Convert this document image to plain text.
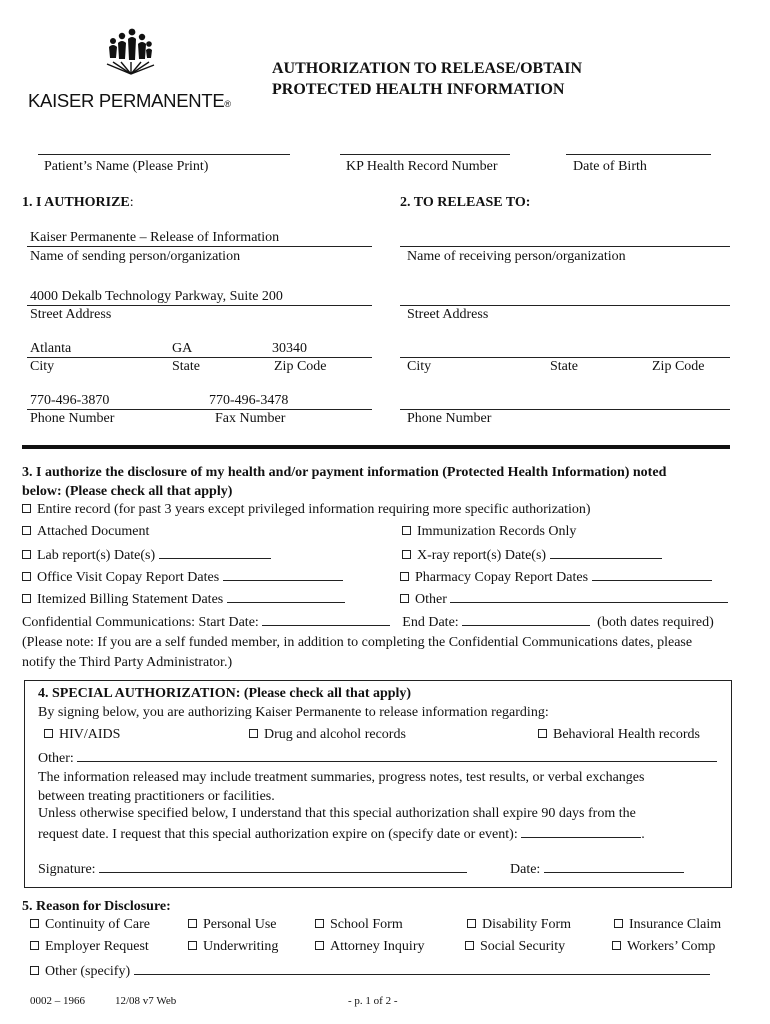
KAISER PERMANENTE®
AUTHORIZATION TO RELEASE/OBTAIN
PROTECTED HEALTH INFORMATION
Patient’s Name (Please Print)	KP Health Record Number	Date of Birth
1. I AUTHORIZE:
Kaiser Permanente – Release of Information
Name of sending person/organization
4000 Dekalb Technology Parkway, Suite 200
Street Address
Atlanta	GA	30340
City	State	Zip Code
770-496-3870	770-496-3478
Phone Number	Fax Number
2. TO RELEASE TO:
Name of receiving person/organization
Street Address
City	State	Zip Code
Phone Number
3. I authorize the disclosure of my health and/or payment information (Protected Health Information) noted
below: (Please check all that apply)
Entire record (for past 3 years except privileged information requiring more specific authorization)
Attached Document	Immunization Records Only
Lab report(s) Date(s)	X-ray report(s) Date(s)
Office Visit Copay Report Dates	Pharmacy Copay Report Dates
Itemized Billing Statement Dates	Other
Confidential Communications: Start Date:	End Date:	(both dates required)
(Please note: If you are a self funded member, in addition to completing the Confidential Communications dates, please
notify the Third Party Administrator.)
4. SPECIAL AUTHORIZATION: (Please check all that apply)
By signing below, you are authorizing Kaiser Permanente to release information regarding:
HIV/AIDS	Drug and alcohol records	Behavioral Health records
Other:
The information released may include treatment summaries, progress notes, test results, or verbal exchanges
between treating practitioners or facilities.
Unless otherwise specified below, I understand that this special authorization shall expire 90 days from the
request date. I request that this special authorization expire on (specify date or event):	.
Signature:	Date:
5. Reason for Disclosure:
Continuity of Care	Personal Use	School Form	Disability Form	Insurance Claim
Employer Request	Underwriting	Attorney Inquiry	Social Security	Workers’ Comp
Other (specify)
0002 – 1966	12/08 v7 Web	- p. 1 of 2 -
